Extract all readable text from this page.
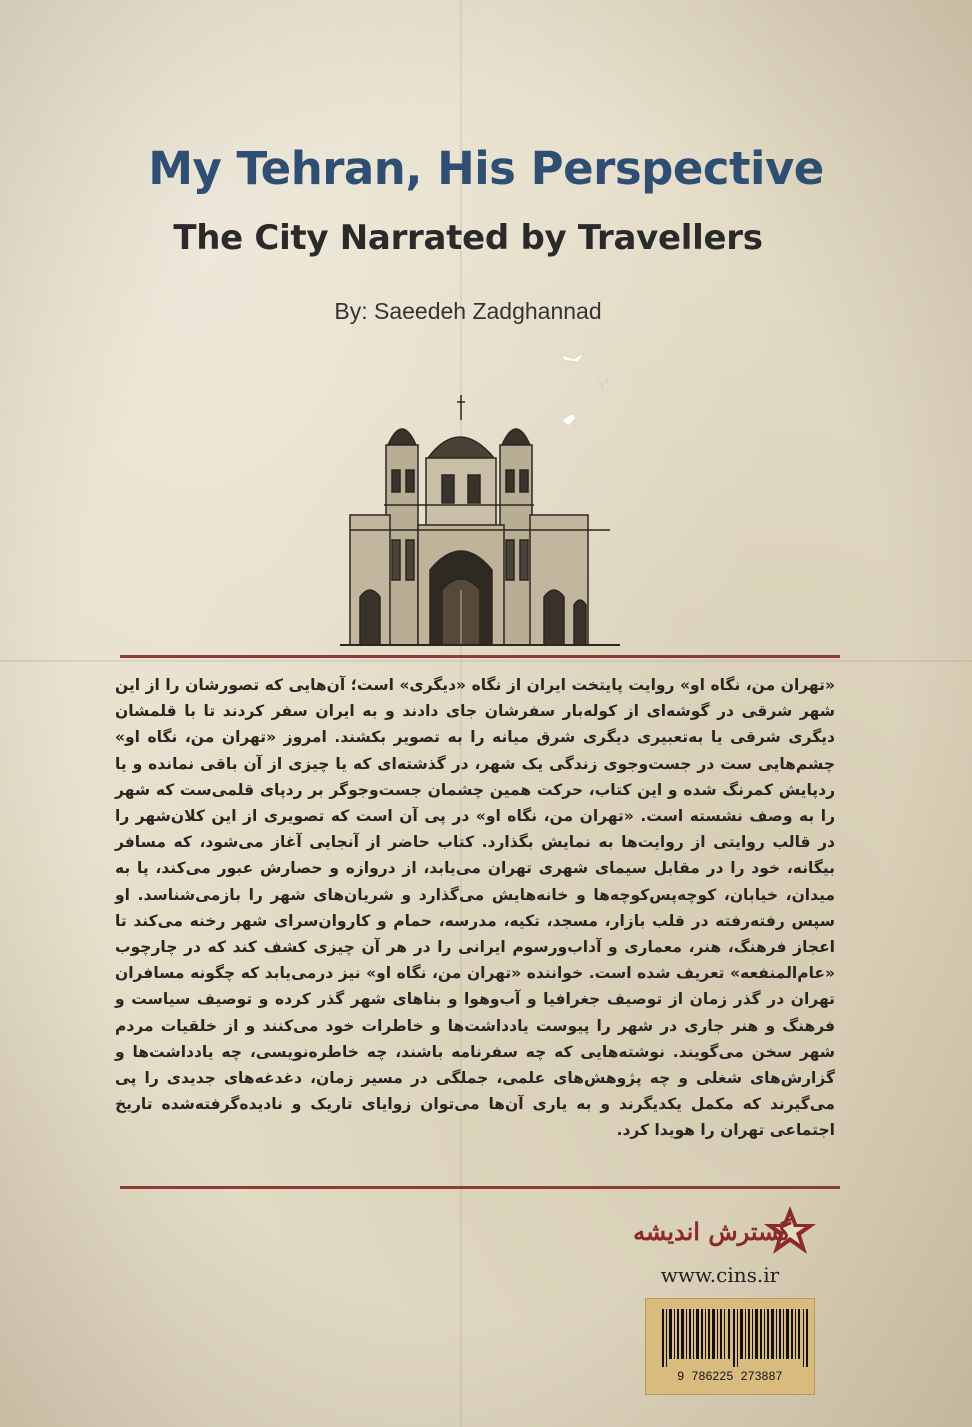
My Tehran, His Perspective
The City Narrated by Travellers
By: Saeedeh Zadghannad

«تهران من، نگاه او» روایت پایتخت ایران از نگاه «دیگری» است؛ آن‌هایی که تصورشان را از این شهر شرقی در گوشه‌ای از کوله‌بار سفرشان جای دادند و به ایران سفر کردند تا با قلمشان دیگری شرقی یا به‌تعبیری دیگری شرق میانه را به تصویر بکشند. امروز «تهران من، نگاه او» چشم‌هایی ست در جست‌وجوی زندگی یک شهر، در گذشته‌ای که یا چیزی از آن باقی نمانده و یا ردپایش کمرنگ شده و این کتاب، حرکت همین چشمان جست‌وجوگر بر ردپای قلمی‌ست که شهر را به وصف نشسته است. «تهران من، نگاه او» در پی آن است که تصویری از این کلان‌شهر را در قالب روایتی از روایت‌ها به نمایش بگذارد. کتاب حاضر از آنجایی آغاز می‌شود، که مسافر بیگانه، خود را در مقابل سیمای شهری تهران می‌یابد، از دروازه و حصارش عبور می‌کند، پا به میدان، خیابان، کوچه‌پس‌کوچه‌ها و خانه‌هایش می‌گذارد و شریان‌های شهر را بازمی‌شناسد. او سپس رفته‌رفته در قلب بازار، مسجد، تکیه، مدرسه، حمام و کاروان‌سرای شهر رخنه می‌کند تا اعجاز فرهنگ، هنر، معماری و آداب‌ورسوم ایرانی را در هر آن چیزی کشف کند که در چارچوب «عام‌المنفعه» تعریف شده است. خواننده «تهران من، نگاه او» نیز درمی‌یابد که چگونه مسافران تهران در گذر زمان از توصیف جغرافیا و آب‌وهوا و بناهای شهر گذر کرده و توصیف سیاست و فرهنگ و هنر جاری در شهر را پیوست یادداشت‌ها و خاطرات خود می‌کنند و از خلقیات مردم شهر سخن می‌گویند. نوشته‌هایی که چه سفرنامه باشند، چه خاطره‌نویسی، چه یادداشت‌ها و گزارش‌های شغلی و چه پژوهش‌های علمی، جملگی در مسیر زمان، دغدغه‌های جدیدی را پی می‌گیرند که مکمل یکدیگرند و به یاری آن‌ها می‌توان زوایای تاریک و نادیده‌گرفته‌شده تاریخ اجتماعی تهران را هویدا کرد.

گسترش اندیشه
www.cins.ir
9  786225  273887
